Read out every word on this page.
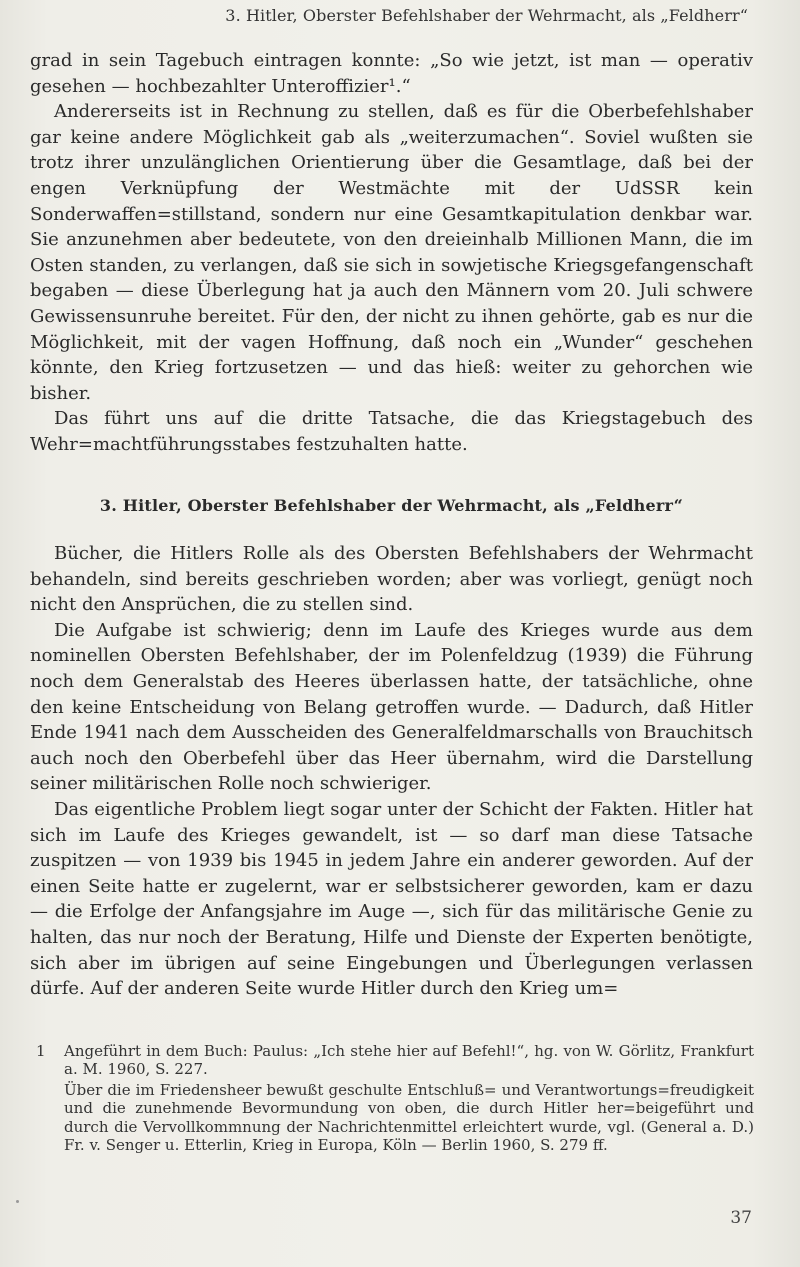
3. Hitler, Oberster Befehlshaber der Wehrmacht, als „Feldherr“

grad in sein Tagebuch eintragen konnte: „So wie jetzt, ist man — operativ gesehen — hochbezahlter Unteroffizier¹.“

Andererseits ist in Rechnung zu stellen, daß es für die Oberbefehlshaber gar keine andere Möglichkeit gab als „weiterzumachen“. Soviel wußten sie trotz ihrer unzulänglichen Orientierung über die Gesamtlage, daß bei der engen Verknüpfung der Westmächte mit der UdSSR kein Sonderwaffen=stillstand, sondern nur eine Gesamtkapitulation denkbar war. Sie anzunehmen aber bedeutete, von den dreieinhalb Millionen Mann, die im Osten standen, zu verlangen, daß sie sich in sowjetische Kriegsgefangenschaft begaben — diese Überlegung hat ja auch den Männern vom 20. Juli schwere Gewissensunruhe bereitet. Für den, der nicht zu ihnen gehörte, gab es nur die Möglichkeit, mit der vagen Hoffnung, daß noch ein „Wunder“ geschehen könnte, den Krieg fortzusetzen — und das hieß: weiter zu gehorchen wie bisher.

Das führt uns auf die dritte Tatsache, die das Kriegstagebuch des Wehr=machtführungsstabes festzuhalten hatte.

3. Hitler, Oberster Befehlshaber der Wehrmacht, als „Feldherr“

Bücher, die Hitlers Rolle als des Obersten Befehlshabers der Wehrmacht behandeln, sind bereits geschrieben worden; aber was vorliegt, genügt noch nicht den Ansprüchen, die zu stellen sind.

Die Aufgabe ist schwierig; denn im Laufe des Krieges wurde aus dem nominellen Obersten Befehlshaber, der im Polenfeldzug (1939) die Führung noch dem Generalstab des Heeres überlassen hatte, der tatsächliche, ohne den keine Entscheidung von Belang getroffen wurde. — Dadurch, daß Hitler Ende 1941 nach dem Ausscheiden des Generalfeldmarschalls von Brauchitsch auch noch den Oberbefehl über das Heer übernahm, wird die Darstellung seiner militärischen Rolle noch schwieriger.

Das eigentliche Problem liegt sogar unter der Schicht der Fakten. Hitler hat sich im Laufe des Krieges gewandelt, ist — so darf man diese Tatsache zuspitzen — von 1939 bis 1945 in jedem Jahre ein anderer geworden. Auf der einen Seite hatte er zugelernt, war er selbstsicherer geworden, kam er dazu — die Erfolge der Anfangsjahre im Auge —, sich für das militärische Genie zu halten, das nur noch der Beratung, Hilfe und Dienste der Experten benötigte, sich aber im übrigen auf seine Eingebungen und Überlegungen verlassen dürfe. Auf der anderen Seite wurde Hitler durch den Krieg um=

1	Angeführt in dem Buch: Paulus: „Ich stehe hier auf Befehl!“, hg. von W. Görlitz, Frankfurt a. M. 1960, S. 227.
Über die im Friedensheer bewußt geschulte Entschluß= und Verantwortungs=freudigkeit und die zunehmende Bevormundung von oben, die durch Hitler her=beigeführt und durch die Vervollkommnung der Nachrichtenmittel erleichtert wurde, vgl. (General a. D.) Fr. v. Senger u. Etterlin, Krieg in Europa, Köln — Berlin 1960, S. 279 ff.
37
